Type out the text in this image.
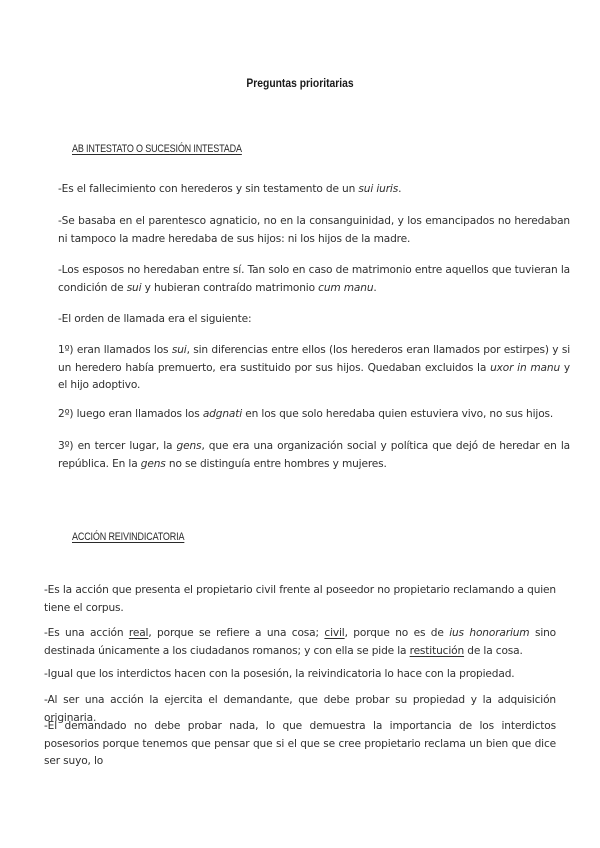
Preguntas prioritarias
AB INTESTATO O SUCESIÓN INTESTADA

-Es el fallecimiento con herederos y sin testamento de un sui iuris.

-Se basaba en el parentesco agnaticio, no en la consanguinidad, y los emancipados no heredaban ni tampoco la madre heredaba de sus hijos: ni los hijos de la madre.

-Los esposos no heredaban entre sí. Tan solo en caso de matrimonio entre aquellos que tuvieran la condición de sui y hubieran contraído matrimonio cum manu.

-El orden de llamada era el siguiente:

1º) eran llamados los sui, sin diferencias entre ellos (los herederos eran llamados por estirpes) y si un heredero había premuerto, era sustituido por sus hijos. Quedaban excluidos la uxor in manu y el hijo adoptivo.

2º) luego eran llamados los adgnati en los que solo heredaba quien estuviera vivo, no sus hijos.

3º) en tercer lugar, la gens, que era una organización social y política que dejó de heredar en la república. En la gens no se distinguía entre hombres y mujeres.

ACCIÓN REIVINDICATORIA

-Es la acción que presenta el propietario civil frente al poseedor no propietario reclamando a quien tiene el corpus.

-Es una acción real, porque se refiere a una cosa; civil, porque no es de ius honorarium sino destinada únicamente a los ciudadanos romanos; y con ella se pide la restitución de la cosa.

-Igual que los interdictos hacen con la posesión, la reivindicatoria lo hace con la propiedad.

-Al ser una acción la ejercita el demandante, que debe probar su propiedad y la adquisición originaria.

-El demandado no debe probar nada, lo que demuestra la importancia de los interdictos posesorios porque tenemos que pensar que si el que se cree propietario reclama un bien que dice ser suyo, lo
